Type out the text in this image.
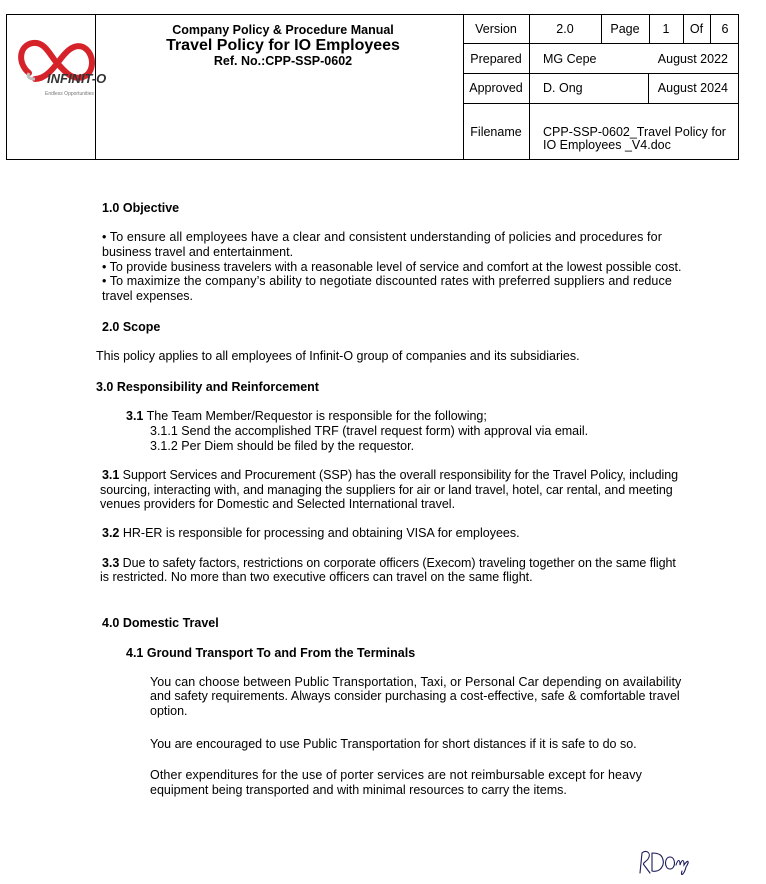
INFINIT-O
Endless Opportunities
Company Policy & Procedure Manual
Travel Policy for IO Employees
Ref. No.:CPP-SSP-0602
Version	2.0	Page	1	Of	6
Prepared	MG Cepe	August 2022
Approved	D. Ong	August 2024
Filename	CPP-SSP-0602_Travel Policy for
IO Employees _V4.doc
1.0 Objective
• To ensure all employees have a clear and consistent understanding of policies and procedures for
business travel and entertainment.
• To provide business travelers with a reasonable level of service and comfort at the lowest possible cost.
• To maximize the company’s ability to negotiate discounted rates with preferred suppliers and reduce
travel expenses.
2.0 Scope
This policy applies to all employees of Infinit-O group of companies and its subsidiaries.
3.0 Responsibility and Reinforcement
3.1 The Team Member/Requestor is responsible for the following;
3.1.1 Send the accomplished TRF (travel request form) with approval via email.
3.1.2 Per Diem should be filed by the requestor.
3.1 Support Services and Procurement (SSP) has the overall responsibility for the Travel Policy, including
sourcing, interacting with, and managing the suppliers for air or land travel, hotel, car rental, and meeting
venues providers for Domestic and Selected International travel.
3.2 HR-ER is responsible for processing and obtaining VISA for employees.
3.3 Due to safety factors, restrictions on corporate officers (Execom) traveling together on the same flight
is restricted. No more than two executive officers can travel on the same flight.
4.0 Domestic Travel
4.1 Ground Transport To and From the Terminals
You can choose between Public Transportation, Taxi, or Personal Car depending on availability
and safety requirements. Always consider purchasing a cost-effective, safe & comfortable travel
option.
You are encouraged to use Public Transportation for short distances if it is safe to do so.
Other expenditures for the use of porter services are not reimbursable except for heavy
equipment being transported and with minimal resources to carry the items.
